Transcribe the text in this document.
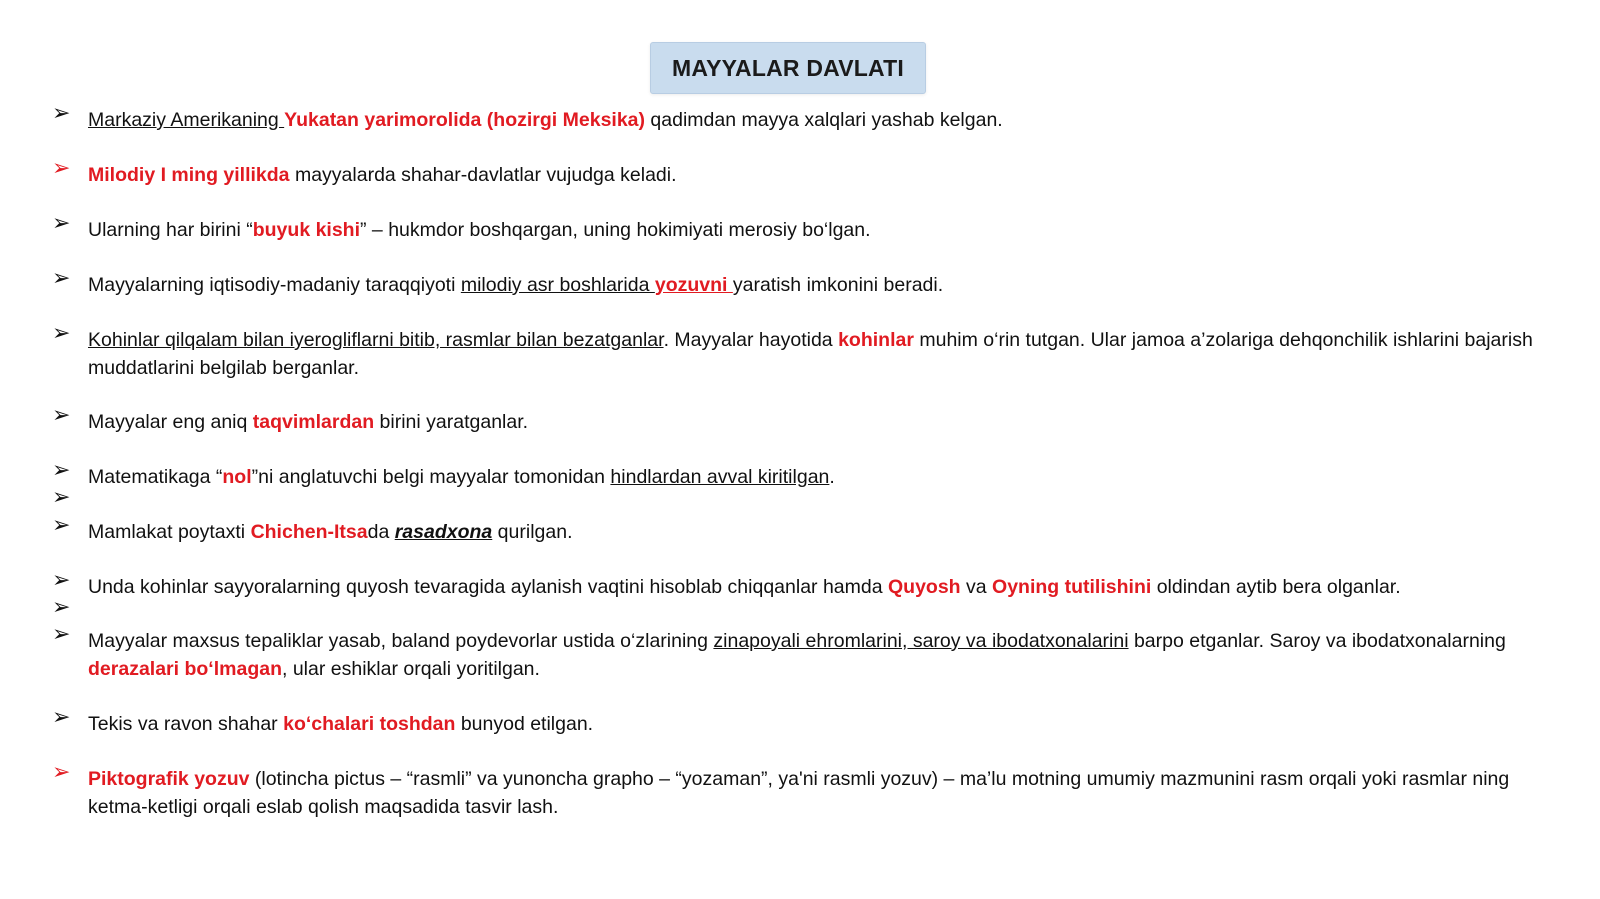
MAYYALAR DAVLATI
➢ Markaziy Amerikaning Yukatan yarimorolida (hozirgi Meksika) qadimdan mayya xalqlari yashab kelgan.
➢ Milodiy I ming yillikda mayyalarda shahar-davlatlar vujudga keladi.
➢ Ularning har birini “buyuk kishi” – hukmdor boshqargan, uning hokimiyati merosiy bo‘lgan.
➢ Mayyalarning iqtisodiy-madaniy taraqqiyoti milodiy asr boshlarida yozuvni yaratish imkonini beradi.
➢ Kohinlar qilqalam bilan iyerogliflarni bitib, rasmlar bilan bezatganlar. Mayyalar hayotida kohinlar muhim o‘rin tutgan. Ular jamoa a’zolariga dehqonchilik ishlarini bajarish muddatlarini belgilab berganlar.
➢ Mayyalar eng aniq taqvimlardan birini yaratganlar.
➢ Matematikaga “nol”ni anglatuvchi belgi mayyalar tomonidan hindlardan avval kiritilgan.
➢
➢ Mamlakat poytaxti Chichen-Itsada rasadxona qurilgan.
➢ Unda kohinlar sayyoralarning quyosh tevaragida aylanish vaqtini hisoblab chiqqanlar hamda Quyosh va Oyning tutilishini oldindan aytib bera olganlar.
➢
➢ Mayyalar maxsus tepaliklar yasab, baland poydevorlar ustida o‘zlarining zinapoyali ehromlarini, saroy va ibodatxonalarini barpo etganlar. Saroy va ibodatxonalarning derazalari bo‘lmagan, ular eshiklar orqali yoritilgan.
➢ Tekis va ravon shahar ko‘chalari toshdan bunyod etilgan.
➢ Piktografik yozuv (lotincha pictus – “rasmli” va yunoncha grapho – “yozaman”, ya'ni rasmli yozuv) – ma’lu motning umumiy mazmunini rasm orqali yoki rasmlar ning ketma-ketligi orqali eslab qolish maqsadida tasvir lash.
